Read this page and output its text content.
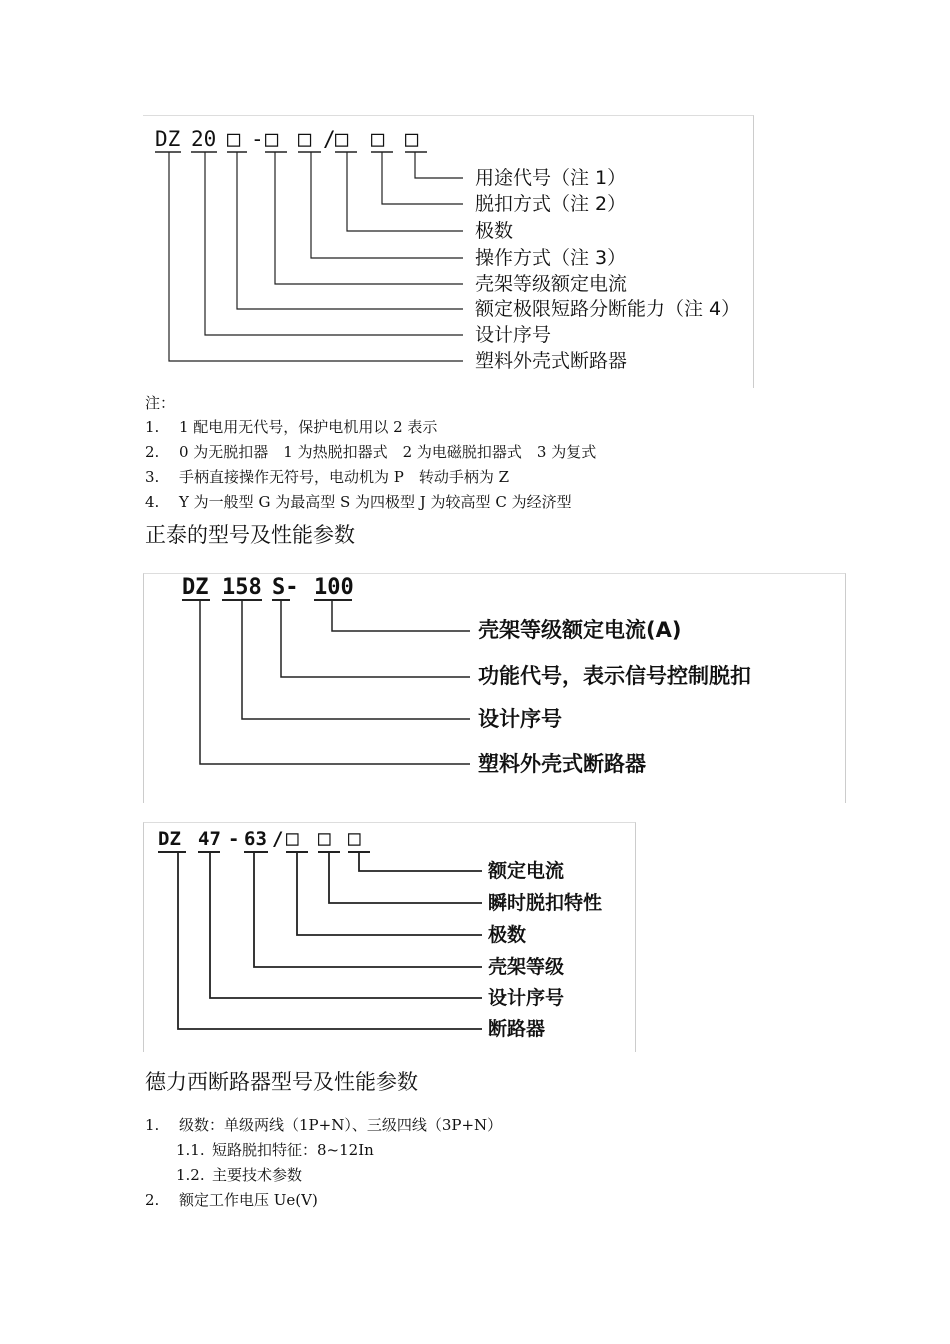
DZ 20 □ - □ □ / □ □ □
用途代号（注 1）
脱扣方式（注 2）
极数
操作方式（注 3）
壳架等级额定电流
额定极限短路分断能力（注 4）
设计序号
塑料外壳式断路器
注：
1. 1 配电用无代号，保护电机用以 2 表示
2. 0 为无脱扣器　1 为热脱扣器式　2 为电磁脱扣器式　3 为复式
3. 手柄直接操作无符号，电动机为 P　转动手柄为 Z
4. Y 为一般型 G 为最高型 S 为四极型 J 为较高型 C 为经济型
正泰的型号及性能参数
DZ 158 S- 100
壳架等级额定电流(A)
功能代号，表示信号控制脱扣
设计序号
塑料外壳式断路器
DZ 47 - 63 / □ □ □
额定电流
瞬时脱扣特性
极数
壳架等级
设计序号
断路器
德力西断路器型号及性能参数
1. 级数：单级两线（1P+N）、三级四线（3P+N）
1.1. 短路脱扣特征：8~12In
1.2. 主要技术参数
2. 额定工作电压 Ue(V)
